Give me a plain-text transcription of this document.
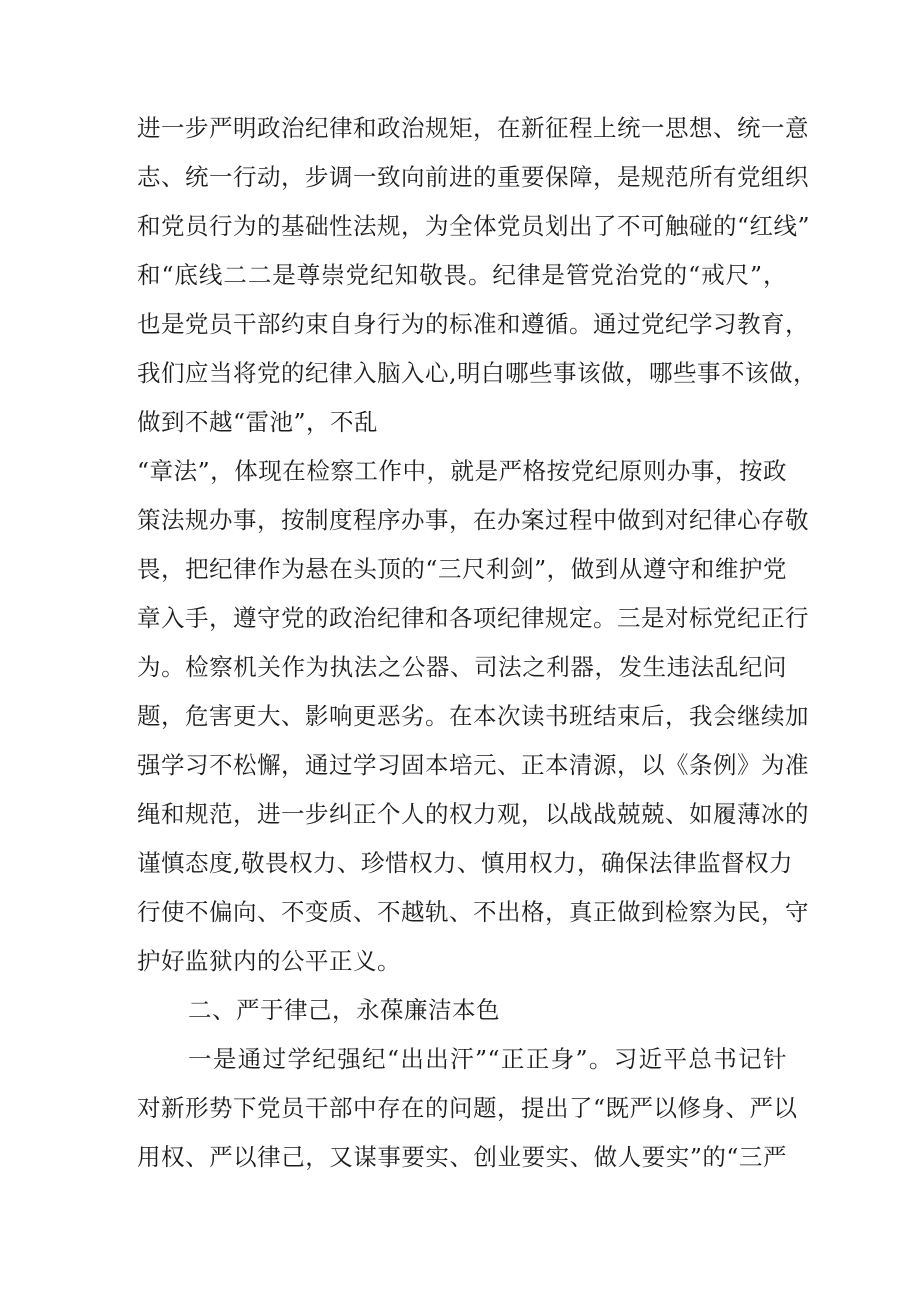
进一步严明政治纪律和政治规矩，在新征程上统一思想、统一意
志、统一行动，步调一致向前进的重要保障，是规范所有党组织
和党员行为的基础性法规，为全体党员划出了不可触碰的“红线”
和“底线二二是尊崇党纪知敬畏。纪律是管党治党的“戒尺”，
也是党员干部约束自身行为的标准和遵循。通过党纪学习教育，
我们应当将党的纪律入脑入心,明白哪些事该做，哪些事不该做，
做到不越“雷池”，不乱
“章法”，体现在检察工作中，就是严格按党纪原则办事，按政
策法规办事，按制度程序办事，在办案过程中做到对纪律心存敬
畏，把纪律作为悬在头顶的“三尺利剑”，做到从遵守和维护党
章入手，遵守党的政治纪律和各项纪律规定。三是对标党纪正行
为。检察机关作为执法之公器、司法之利器，发生违法乱纪问
题，危害更大、影响更恶劣。在本次读书班结束后，我会继续加
强学习不松懈，通过学习固本培元、正本清源，以《条例》为准
绳和规范，进一步纠正个人的权力观，以战战兢兢、如履薄冰的
谨慎态度,敬畏权力、珍惜权力、慎用权力，确保法律监督权力
行使不偏向、不变质、不越轨、不出格，真正做到检察为民，守
护好监狱内的公平正义。
二、严于律己，永葆廉洁本色
一是通过学纪强纪“出出汗”“正正身”。习近平总书记针
对新形势下党员干部中存在的问题，提出了“既严以修身、严以
用权、严以律己，又谋事要实、创业要实、做人要实”的“三严
